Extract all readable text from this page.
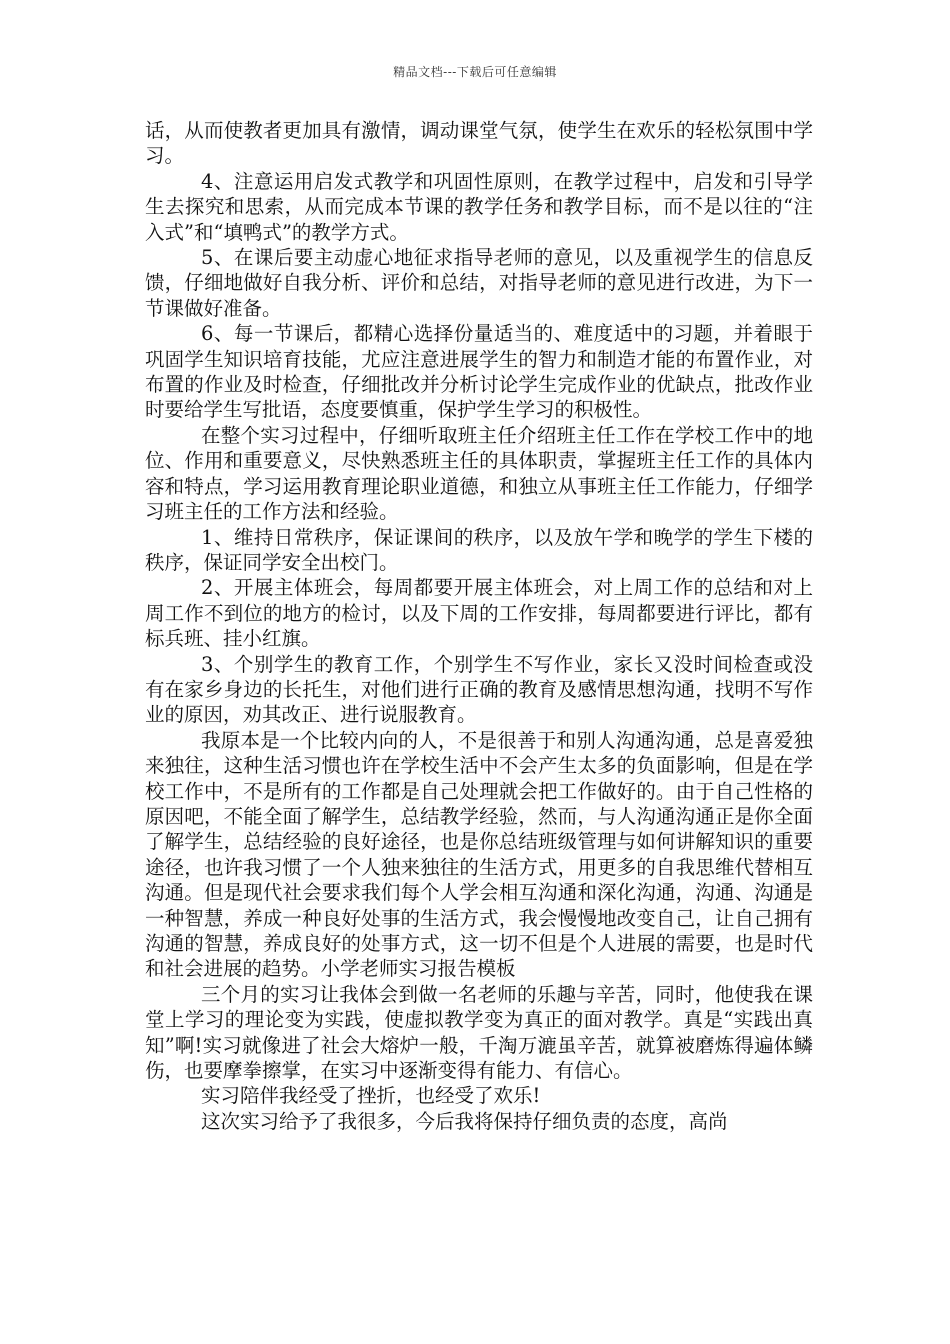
精品文档---下载后可任意编辑

话，从而使教者更加具有激情，调动课堂气氛，使学生在欢乐的轻松氛围中学习。

4、注意运用启发式教学和巩固性原则，在教学过程中，启发和引导学生去探究和思索，从而完成本节课的教学任务和教学目标，而不是以往的“注入式”和“填鸭式”的教学方式。

5、在课后要主动虚心地征求指导老师的意见，以及重视学生的信息反馈，仔细地做好自我分析、评价和总结，对指导老师的意见进行改进，为下一节课做好准备。

6、每一节课后，都精心选择份量适当的、难度适中的习题，并着眼于巩固学生知识培育技能，尤应注意进展学生的智力和制造才能的布置作业，对布置的作业及时检查，仔细批改并分析讨论学生完成作业的优缺点，批改作业时要给学生写批语，态度要慎重，保护学生学习的积极性。

在整个实习过程中，仔细听取班主任介绍班主任工作在学校工作中的地位、作用和重要意义，尽快熟悉班主任的具体职责，掌握班主任工作的具体内容和特点，学习运用教育理论职业道德，和独立从事班主任工作能力，仔细学习班主任的工作方法和经验。

1、维持日常秩序，保证课间的秩序，以及放午学和晚学的学生下楼的秩序，保证同学安全出校门。

2、开展主体班会，每周都要开展主体班会，对上周工作的总结和对上周工作不到位的地方的检讨，以及下周的工作安排，每周都要进行评比，都有标兵班、挂小红旗。

3、个别学生的教育工作，个别学生不写作业，家长又没时间检查或没有在家乡身边的长托生，对他们进行正确的教育及感情思想沟通，找明不写作业的原因，劝其改正、进行说服教育。

我原本是一个比较内向的人，不是很善于和别人沟通沟通，总是喜爱独来独往，这种生活习惯也许在学校生活中不会产生太多的负面影响，但是在学校工作中，不是所有的工作都是自己处理就会把工作做好的。由于自己性格的原因吧，不能全面了解学生，总结教学经验，然而，与人沟通沟通正是你全面了解学生，总结经验的良好途径，也是你总结班级管理与如何讲解知识的重要途径，也许我习惯了一个人独来独往的生活方式，用更多的自我思维代替相互沟通。但是现代社会要求我们每个人学会相互沟通和深化沟通，沟通、沟通是一种智慧，养成一种良好处事的生活方式，我会慢慢地改变自己，让自己拥有沟通的智慧，养成良好的处事方式，这一切不但是个人进展的需要，也是时代和社会进展的趋势。小学老师实习报告模板

三个月的实习让我体会到做一名老师的乐趣与辛苦，同时，他使我在课堂上学习的理论变为实践，使虚拟教学变为真正的面对教学。真是“实践出真知”啊!实习就像进了社会大熔炉一般，千淘万漉虽辛苦，就算被磨炼得遍体鳞伤，也要摩拳擦掌，在实习中逐渐变得有能力、有信心。

实习陪伴我经受了挫折，也经受了欢乐!

这次实习给予了我很多，今后我将保持仔细负责的态度，高尚
